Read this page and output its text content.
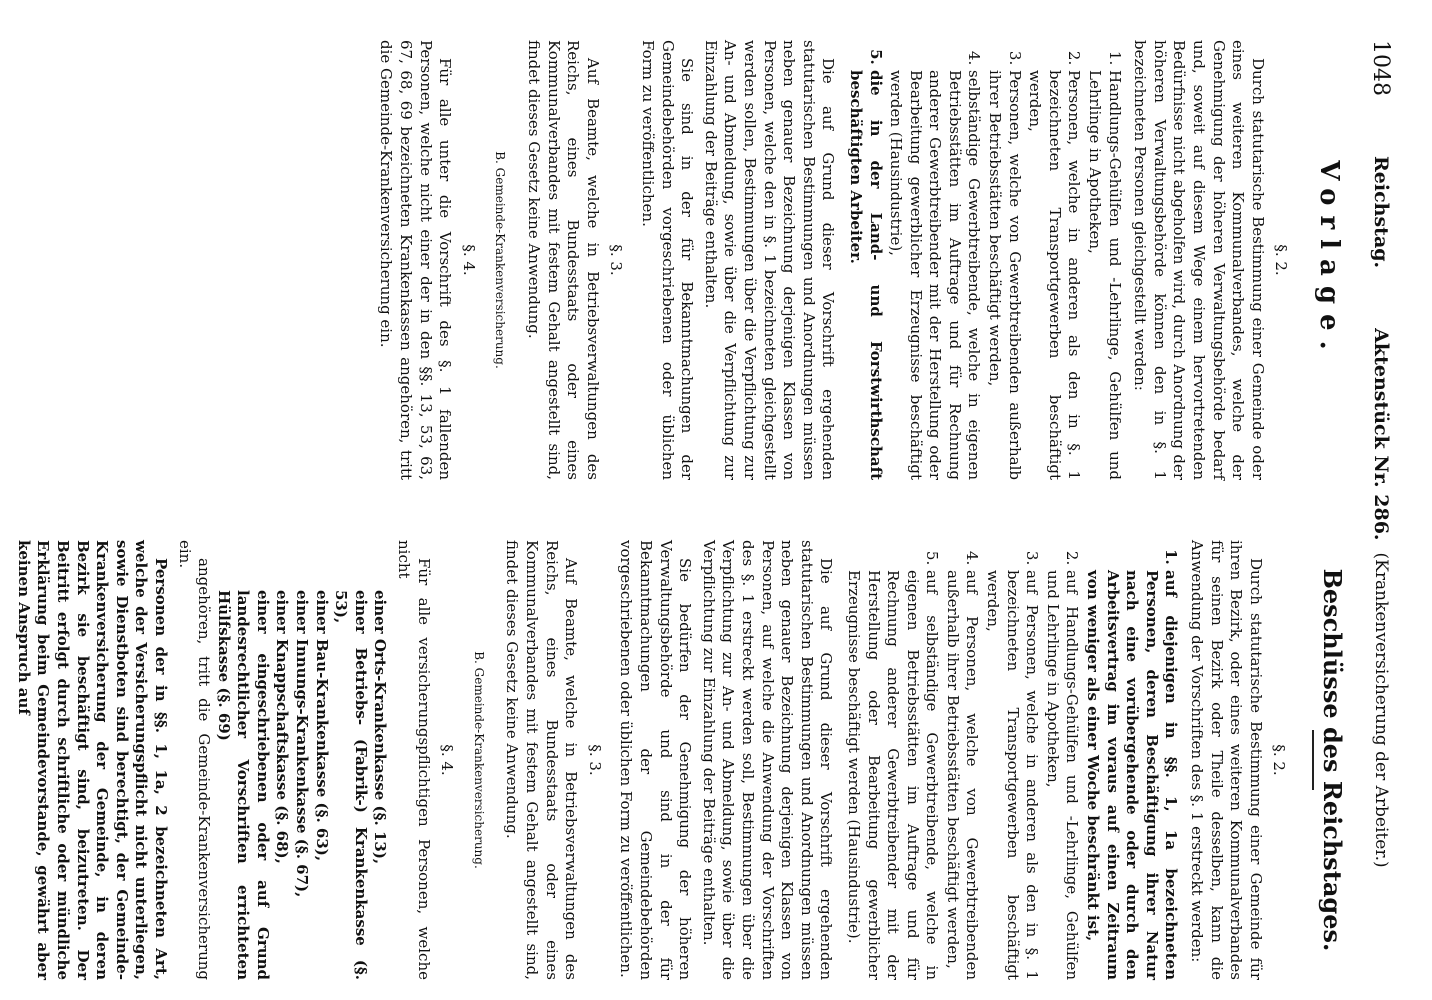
1048
Reichstag.
Aktenstück Nr. 286.
(Krankenversicherung der Arbeiter.)
Vorlage.
§. 2.

Durch statutarische Bestimmung einer Gemeinde oder eines weiteren Kommunalverbandes, welche der Genehmigung der höheren Verwaltungsbehörde bedarf und, soweit auf diesem Wege einem hervortretenden Bedürfnisse nicht abgeholfen wird, durch Anordnung der höheren Verwaltungsbehörde können den in §. 1 bezeichneten Personen gleichgestellt werden:

1. Handlungs-Gehülfen und -Lehrlinge, Gehülfen und Lehrlinge in Apotheken,
2. Personen, welche in anderen als den in §. 1 bezeichneten Transportgewerben beschäftigt werden,
3. Personen, welche von Gewerbtreibenden außerhalb ihrer Betriebsstätten beschäftigt werden,
4. selbständige Gewerbtreibende, welche in eigenen Betriebsstätten im Auftrage und für Rechnung anderer Gewerbtreibender mit der Herstellung oder Bearbeitung gewerblicher Erzeugnisse beschäftigt werden (Hausindustrie),
5. die in der Land- und Forstwirthschaft beschäftigten Arbeiter.

Die auf Grund dieser Vorschrift ergehenden statutarischen Bestimmungen und Anordnungen müssen neben genauer Bezeichnung derjenigen Klassen von Personen, welche den in §. 1 bezeichneten gleichgestellt werden sollen, Bestimmungen über die Verpflichtung zur An- und Abmeldung, sowie über die Verpflichtung zur Einzahlung der Beiträge enthalten.

Sie sind in der für Bekanntmachungen der Gemeindebehörden vorgeschriebenen oder üblichen Form zu veröffentlichen.

§. 3.

Auf Beamte, welche in Betriebsverwaltungen des Reichs, eines Bundesstaats oder eines Kommunalverbandes mit festem Gehalt angestellt sind, findet dieses Gesetz keine Anwendung.

B. Gemeinde-Krankenversicherung.
§. 4.

Für alle unter die Vorschrift des §. 1 fallenden Personen, welche nicht einer der in den §§. 13, 53, 63, 67, 68, 69 bezeichneten Krankenkassen angehören, tritt die Gemeinde-Krankenversicherung ein.

Beschlüsse des Reichstages.
§. 2.

Durch statutarische Bestimmung einer Gemeinde für ihren Bezirk, oder eines weiteren Kommunalverbandes für seinen Bezirk oder Theile desselben, kann die Anwendung der Vorschriften des §. 1 erstreckt werden:

1. auf diejenigen in §§. 1, 1a bezeichneten Personen, deren Beschäftigung ihrer Natur nach eine vorübergehende oder durch den Arbeitsvertrag im voraus auf einen Zeitraum von weniger als einer Woche beschränkt ist,
2. auf Handlungs-Gehülfen und -Lehrlinge, Gehülfen und Lehrlinge in Apotheken,
3. auf Personen, welche in anderen als den in §. 1 bezeichneten Transportgewerben beschäftigt werden,
4. auf Personen, welche von Gewerbtreibenden außerhalb ihrer Betriebsstätten beschäftigt werden,
5. auf selbständige Gewerbtreibende, welche in eigenen Betriebsstätten im Auftrage und für Rechnung anderer Gewerbtreibender mit der Herstellung oder Bearbeitung gewerblicher Erzeugnisse beschäftigt werden (Hausindustrie).

Die auf Grund dieser Vorschrift ergehenden statutarischen Bestimmungen und Anordnungen müssen neben genauer Bezeichnung derjenigen Klassen von Personen, auf welche die Anwendung der Vorschriften des §. 1 erstreckt werden soll, Bestimmungen über die Verpflichtung zur An- und Abmeldung, sowie über die Verpflichtung zur Einzahlung der Beiträge enthalten.

Sie bedürfen der Genehmigung der höheren Verwaltungsbehörde und sind in der für Bekanntmachungen der Gemeindebehörden vorgeschriebenen oder üblichen Form zu veröffentlichen.

§. 3.

Auf Beamte, welche in Betriebsverwaltungen des Reichs, eines Bundesstaats oder eines Kommunalverbandes mit festem Gehalt angestellt sind, findet dieses Gesetz keine Anwendung.

B. Gemeinde-Krankenversicherung.
§. 4.

Für alle versicherungspflichtigen Personen, welche nicht

einer Orts-Krankenkasse (§. 13),
einer Betriebs- (Fabrik-) Krankenkasse (§. 53),
einer Bau-Krankenkasse (§. 63),
einer Innungs-Krankenkasse (§. 67),
einer Knappschaftskasse (§. 68),
einer eingeschriebenen oder auf Grund landesrechtlicher Vorschriften errichteten Hülfskasse (§. 69)

angehören, tritt die Gemeinde-Krankenversicherung ein.

Personen der in §§. 1, 1a, 2 bezeichneten Art, welche der Versicherungspflicht nicht unterliegen, sowie Dienstboten sind berechtigt, der Gemeinde-Krankenversicherung der Gemeinde, in deren Bezirk sie beschäftigt sind, beizutreten. Der Beitritt erfolgt durch schriftliche oder mündliche Erklärung beim Gemeindevorstande, gewährt aber keinen Anspruch auf
